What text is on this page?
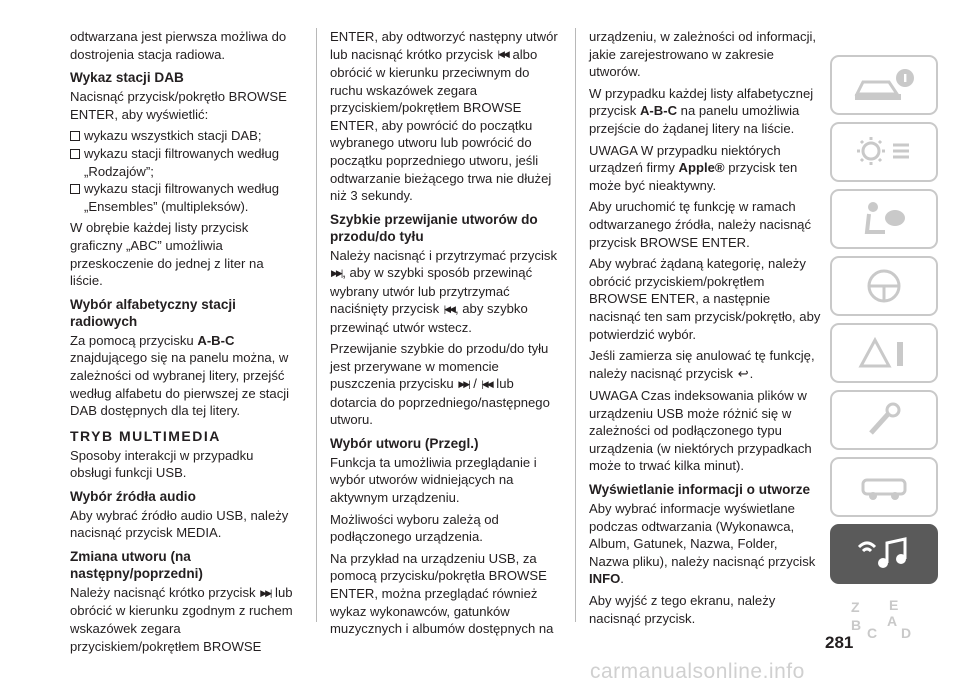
odtwarzana jest pierwsza możliwa do dostrojenia stacja radiowa.

Wykaz stacji DAB

Nacisnąć przycisk/pokrętło BROWSE ENTER, aby wyświetlić:

wykazu wszystkich stacji DAB;
wykazu stacji filtrowanych według „Rodzajów”;
wykazu stacji filtrowanych według „Ensembles” (multipleksów).

W obrębie każdej listy przycisk graficzny „ABC” umożliwia przeskoczenie do jednej z liter na liście.

Wybór alfabetyczny stacji radiowych

Za pomocą przycisku A-B-C znajdującego się na panelu można, w zależności od wybranej litery, przejść według alfabetu do pierwszej ze stacji DAB dostępnych dla tej litery.

TRYB MULTIMEDIA

Sposoby interakcji w przypadku obsługi funkcji USB.

Wybór źródła audio

Aby wybrać źródło audio USB, należy nacisnąć przycisk MEDIA.

Zmiana utworu (na następny/poprzedni)

Należy nacisnąć krótko przycisk ▶▶| lub obrócić w kierunku zgodnym z ruchem wskazówek zegara przyciskiem/pokrętłem BROWSE

ENTER, aby odtworzyć następny utwór lub nacisnąć krótko przycisk |◀◀ albo obrócić w kierunku przeciwnym do ruchu wskazówek zegara przyciskiem/pokrętłem BROWSE ENTER, aby powrócić do początku wybranego utworu lub powrócić do początku poprzedniego utworu, jeśli odtwarzanie bieżącego trwa nie dłużej niż 3 sekundy.

Szybkie przewijanie utworów do przodu/do tyłu

Należy nacisnąć i przytrzymać przycisk ▶▶|, aby w szybki sposób przewinąć wybrany utwór lub przytrzymać naciśnięty przycisk |◀◀, aby szybko przewinąć utwór wstecz.

Przewijanie szybkie do przodu/do tyłu jest przerywane w momencie puszczenia przycisku ▶▶| / |◀◀ lub dotarcia do poprzedniego/następnego utworu.

Wybór utworu (Przegl.)

Funkcja ta umożliwia przeglądanie i wybór utworów widniejących na aktywnym urządzeniu.

Możliwości wyboru zależą od podłączonego urządzenia.

Na przykład na urządzeniu USB, za pomocą przycisku/pokrętła BROWSE ENTER, można przeglądać również wykaz wykonawców, gatunków muzycznych i albumów dostępnych na

urządzeniu, w zależności od informacji, jakie zarejestrowano w zakresie utworów.

W przypadku każdej listy alfabetycznej przycisk A-B-C na panelu umożliwia przejście do żądanej litery na liście.

UWAGA W przypadku niektórych urządzeń firmy Apple® przycisk ten może być nieaktywny.

Aby uruchomić tę funkcję w ramach odtwarzanego źródła, należy nacisnąć przycisk BROWSE ENTER.

Aby wybrać żądaną kategorię, należy obrócić przyciskiem/pokrętłem BROWSE ENTER, a następnie nacisnąć ten sam przycisk/pokrętło, aby potwierdzić wybór.

Jeśli zamierza się anulować tę funkcję, należy nacisnąć przycisk ↩.

UWAGA Czas indeksowania plików w urządzeniu USB może różnić się w zależności od podłączonego typu urządzenia (w niektórych przypadkach może to trwać kilka minut).

Wyświetlanie informacji o utworze

Aby wybrać informacje wyświetlane podczas odtwarzania (Wykonawca, Album, Gatunek, Nazwa, Folder, Nazwa pliku), należy nacisnąć przycisk INFO.

Aby wyjść z tego ekranu, należy nacisnąć przycisk.

Z E
B A
C D
281
carmanualsonline.info
